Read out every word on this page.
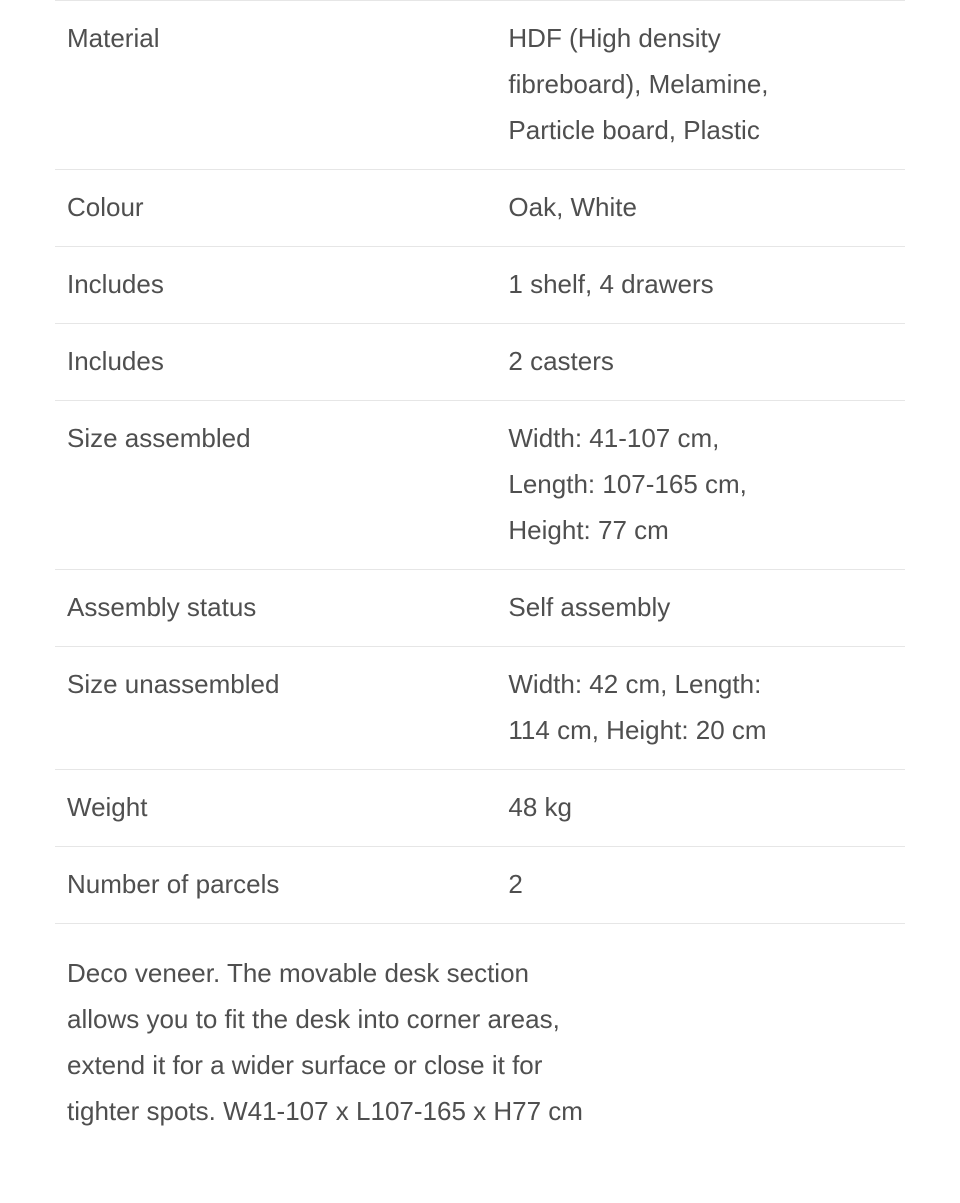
Material	HDF (High density fibreboard), Melamine, Particle board, Plastic

Colour	Oak, White

Includes	1 shelf, 4 drawers

Includes	2 casters

Size assembled	Width: 41-107 cm, Length: 107-165 cm, Height: 77 cm

Assembly status	Self assembly

Size unassembled	Width: 42 cm, Length: 114 cm, Height: 20 cm

Weight	48 kg

Number of parcels	2
Deco veneer. The movable desk section allows you to fit the desk into corner areas, extend it for a wider surface or close it for tighter spots. W41-107 x L107-165 x H77 cm
